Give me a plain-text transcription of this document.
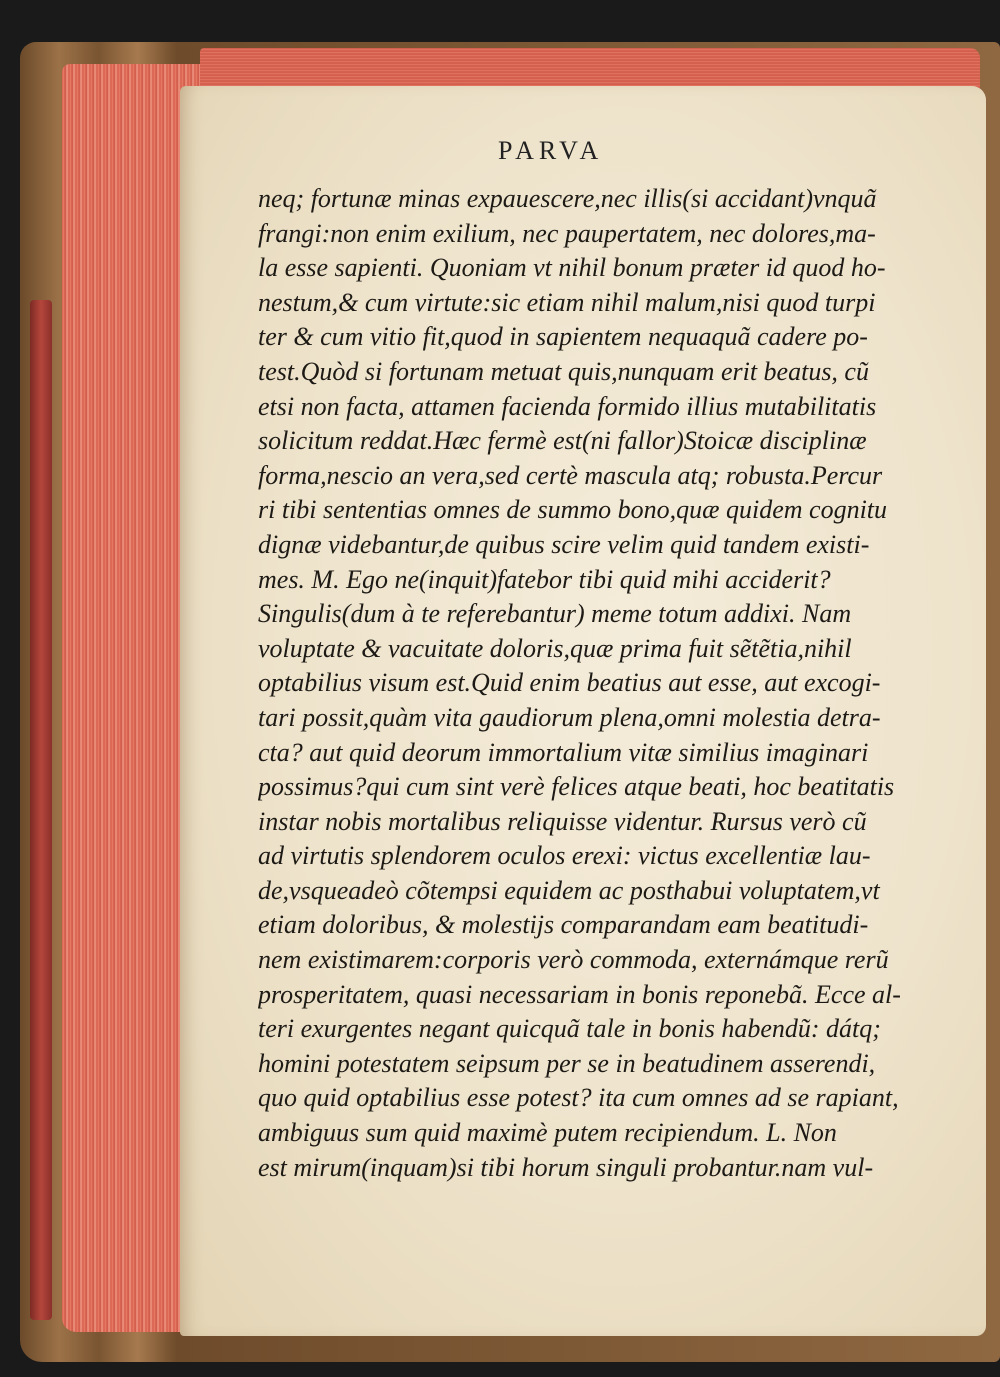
PARVA
neq; fortunæ minas expauescere,nec illis(si accidant)vnquã
frangi:non enim exilium, nec paupertatem, nec dolores,ma-
la esse sapienti. Quoniam vt nihil bonum præter id quod ho-
nestum,& cum virtute:sic etiam nihil malum,nisi quod turpi
ter & cum vitio fit,quod in sapientem nequaquã cadere po-
test.Quòd si fortunam metuat quis,nunquam erit beatus, cũ
etsi non facta, attamen facienda formido illius mutabilitatis
solicitum reddat.Hæc fermè est(ni fallor)Stoicæ disciplinæ
forma,nescio an vera,sed certè mascula atq; robusta.Percur
ri tibi sententias omnes de summo bono,quæ quidem cognitu
dignæ videbantur,de quibus scire velim quid tandem existi-
mes. M. Ego ne(inquit)fatebor tibi quid mihi acciderit?
Singulis(dum à te referebantur) meme totum addixi. Nam
voluptate & vacuitate doloris,quæ prima fuit sẽtẽtia,nihil
optabilius visum est.Quid enim beatius aut esse, aut excogi-
tari possit,quàm vita gaudiorum plena,omni molestia detra-
cta? aut quid deorum immortalium vitæ similius imaginari
possimus?qui cum sint verè felices atque beati, hoc beatitatis
instar nobis mortalibus reliquisse videntur. Rursus verò cũ
ad virtutis splendorem oculos erexi: victus excellentiæ lau-
de,vsqueadeò cõtempsi equidem ac posthabui voluptatem,vt
etiam doloribus, & molestijs comparandam eam beatitudi-
nem existimarem:corporis verò commoda, externámque rerũ
prosperitatem, quasi necessariam in bonis reponebã. Ecce al-
teri exurgentes negant quicquã tale in bonis habendũ: dátq;
homini potestatem seipsum per se in beatudinem asserendi,
quo quid optabilius esse potest? ita cum omnes ad se rapiant,
ambiguus sum quid maximè putem recipiendum. L. Non
est mirum(inquam)si tibi horum singuli probantur.nam vul-
